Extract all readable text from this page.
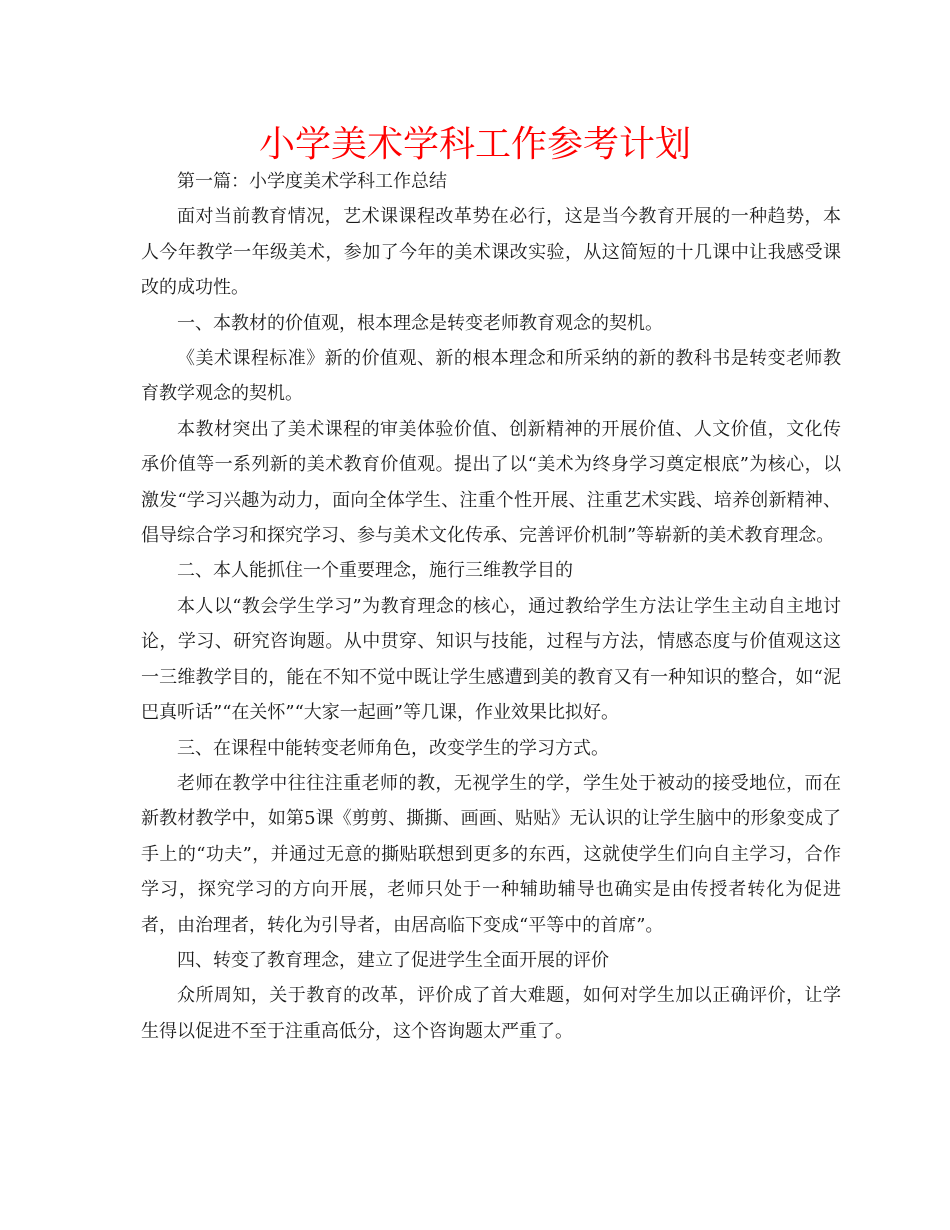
小学美术学科工作参考计划

第一篇：小学度美术学科工作总结

面对当前教育情况，艺术课课程改革势在必行，这是当今教育开展的一种趋势，本人今年教学一年级美术，参加了今年的美术课改实验，从这简短的十几课中让我感受课改的成功性。

一、本教材的价值观，根本理念是转变老师教育观念的契机。

《美术课程标准》新的价值观、新的根本理念和所采纳的新的教科书是转变老师教育教学观念的契机。

本教材突出了美术课程的审美体验价值、创新精神的开展价值、人文价值，文化传承价值等一系列新的美术教育价值观。提出了以“美术为终身学习奠定根底”为核心，以激发“学习兴趣为动力，面向全体学生、注重个性开展、注重艺术实践、培养创新精神、倡导综合学习和探究学习、参与美术文化传承、完善评价机制”等崭新的美术教育理念。

二、本人能抓住一个重要理念，施行三维教学目的

本人以“教会学生学习”为教育理念的核心，通过教给学生方法让学生主动自主地讨论，学习、研究咨询题。从中贯穿、知识与技能，过程与方法，情感态度与价值观这这一三维教学目的，能在不知不觉中既让学生感遭到美的教育又有一种知识的整合，如“泥巴真听话”“在关怀”“大家一起画”等几课，作业效果比拟好。

三、在课程中能转变老师角色，改变学生的学习方式。

老师在教学中往往注重老师的教，无视学生的学，学生处于被动的接受地位，而在新教材教学中，如第5课《剪剪、撕撕、画画、贴贴》无认识的让学生脑中的形象变成了手上的“功夫”，并通过无意的撕贴联想到更多的东西，这就使学生们向自主学习，合作学习，探究学习的方向开展，老师只处于一种辅助辅导也确实是由传授者转化为促进者，由治理者，转化为引导者，由居高临下变成“平等中的首席”。

四、转变了教育理念，建立了促进学生全面开展的评价

众所周知，关于教育的改革，评价成了首大难题，如何对学生加以正确评价，让学生得以促进不至于注重高低分，这个咨询题太严重了。
